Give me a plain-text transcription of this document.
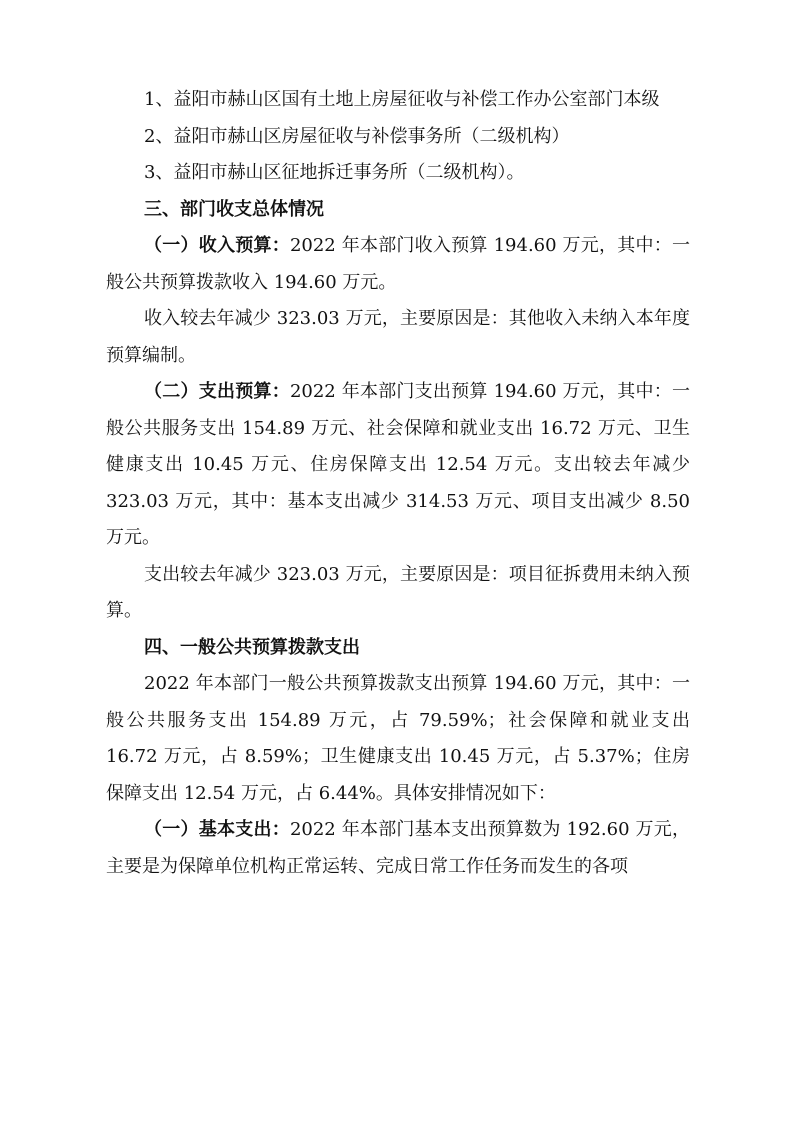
1、益阳市赫山区国有土地上房屋征收与补偿工作办公室部门本级

2、益阳市赫山区房屋征收与补偿事务所（二级机构）

3、益阳市赫山区征地拆迁事务所（二级机构）。

三、部门收支总体情况

（一）收入预算：2022 年本部门收入预算 194.60 万元，其中：一般公共预算拨款收入 194.60 万元。

收入较去年减少 323.03 万元，主要原因是：其他收入未纳入本年度预算编制。

（二）支出预算：2022 年本部门支出预算 194.60 万元，其中：一般公共服务支出 154.89 万元、社会保障和就业支出 16.72 万元、卫生健康支出 10.45 万元、住房保障支出 12.54 万元。支出较去年减少 323.03 万元，其中：基本支出减少 314.53 万元、项目支出减少 8.50 万元。

支出较去年减少 323.03 万元，主要原因是：项目征拆费用未纳入预算。

四、一般公共预算拨款支出

2022 年本部门一般公共预算拨款支出预算 194.60 万元，其中：一般公共服务支出 154.89 万元，占 79.59%；社会保障和就业支出 16.72 万元，占 8.59%；卫生健康支出 10.45 万元，占 5.37%；住房保障支出 12.54 万元，占 6.44%。具体安排情况如下：

（一）基本支出：2022 年本部门基本支出预算数为 192.60 万元，主要是为保障单位机构正常运转、完成日常工作任务而发生的各项
